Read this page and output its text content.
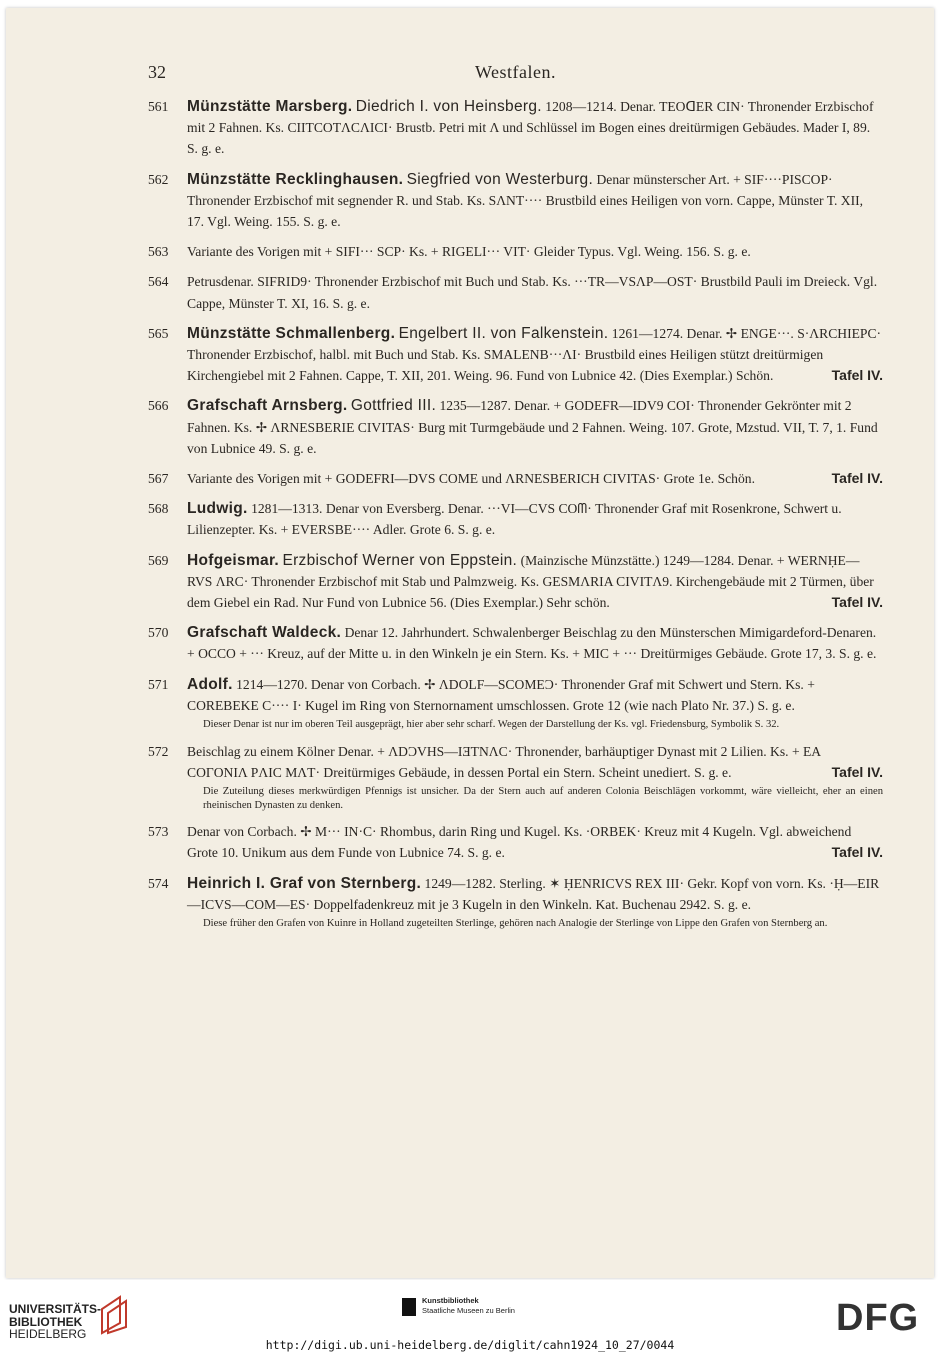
32	Westfalen.
561 Münzstätte Marsberg. Diedrich I. von Heinsberg. 1208—1214. Denar. TEOᗡER CIN· Thronender Erzbischof mit 2 Fahnen. Ks. CIITCOTΛCΛICI· Brustb. Petri mit Λ und Schlüssel im Bogen eines dreitürmigen Gebäudes. Mader I, 89. S. g. e.
562 Münzstätte Recklinghausen. Siegfried von Westerburg. Denar münsterscher Art. + SIF····PISCOP· Thronender Erzbischof mit segnender R. und Stab. Ks. SΛNT···· Brustbild eines Heiligen von vorn. Cappe, Münster T. XII, 17. Vgl. Weing. 155. S. g. e.
563 Variante des Vorigen mit + SIFI··· SCP· Ks. + RIGELI··· VIT· Gleider Typus. Vgl. Weing. 156. S. g. e.
564 Petrusdenar. SIFRID9· Thronender Erzbischof mit Buch und Stab. Ks. ···TR—VSΛP—OST· Brustbild Pauli im Dreieck. Vgl. Cappe, Münster T. XI, 16. S. g. e.
565 Münzstätte Schmallenberg. Engelbert II. von Falkenstein. 1261—1274. Denar. ✢ ENGE···. S·ΛRCHIEPC· Thronender Erzbischof, halbl. mit Buch und Stab. Ks. SMALENB···ΛI· Brustbild eines Heiligen stützt dreitürmigen Kirchengiebel mit 2 Fahnen. Cappe, T. XII, 201. Weing. 96. Fund von Lubnice 42. (Dies Exemplar.) Schön.	Tafel IV.
566 Grafschaft Arnsberg. Gottfried III. 1235—1287. Denar. + GODEFR—IDV9 COI· Thronender Gekrönter mit 2 Fahnen. Ks. ✢ ΛRNESBERIE CIVITAS· Burg mit Turmgebäude und 2 Fahnen. Weing. 107. Grote, Mzstud. VII, T. 7, 1. Fund von Lubnice 49. S. g. e.
567 Variante des Vorigen mit + GODEFRI—DVS COME und ΛRNESBERICH CIVITAS· Grote 1e. Schön.	Tafel IV.
568 Ludwig. 1281—1313. Denar von Eversberg. Denar. ···VI—CVS COᗰ· Thronender Graf mit Rosenkrone, Schwert u. Lilienzepter. Ks. + EVERSBE···· Adler. Grote 6. S. g. e.
569 Hofgeismar. Erzbischof Werner von Eppstein. (Mainzische Münzstätte.) 1249—1284. Denar. + WERNḤE—RVS ΛRC· Thronender Erzbischof mit Stab und Palmzweig. Ks. GESMΛRIA CIVITΛ9. Kirchengebäude mit 2 Türmen, über dem Giebel ein Rad. Nur Fund von Lubnice 56. (Dies Exemplar.) Sehr schön.	Tafel IV.
570 Grafschaft Waldeck. Denar 12. Jahrhundert. Schwalenberger Beischlag zu den Münsterschen Mimigardeford-Denaren. + OCCO + ··· Kreuz, auf der Mitte u. in den Winkeln je ein Stern. Ks. + MIC + ··· Dreitürmiges Gebäude. Grote 17, 3. S. g. e.
571 Adolf. 1214—1270. Denar von Corbach. ✢ ΛDOLF—SCOMEƆ· Thronender Graf mit Schwert und Stern. Ks. + COREBEKE C···· I· Kugel im Ring von Sternornament umschlossen. Grote 12 (wie nach Plato Nr. 37.) S. g. e.
Dieser Denar ist nur im oberen Teil ausgeprägt, hier aber sehr scharf. Wegen der Darstellung der Ks. vgl. Friedensburg, Symbolik S. 32.
572 Beischlag zu einem Kölner Denar. + ΛDƆVHS—IƎTNΛC· Thronender, barhäuptiger Dynast mit 2 Lilien. Ks. + EA COΓONIΛ PΛIC MΛT· Dreitürmiges Gebäude, in dessen Portal ein Stern. Scheint unediert. S. g. e.	Tafel IV.
Die Zuteilung dieses merkwürdigen Pfennigs ist unsicher. Da der Stern auch auf anderen Colonia Beischlägen vorkommt, wäre vielleicht, eher an einen rheinischen Dynasten zu denken.
573 Denar von Corbach. ✢ M··· IN·C· Rhombus, darin Ring und Kugel. Ks. ·ORBEK· Kreuz mit 4 Kugeln. Vgl. abweichend Grote 10. Unikum aus dem Funde von Lubnice 74. S. g. e.	Tafel IV.
574 Heinrich I. Graf von Sternberg. 1249—1282. Sterling. ✶ ḤENRICVS REX III· Gekr. Kopf von vorn. Ks. ·Ḥ—EIR—ICVS—COM—ES· Doppelfadenkreuz mit je 3 Kugeln in den Winkeln. Kat. Buchenau 2942. S. g. e.
Diese früher den Grafen von Kuinre in Holland zugeteilten Sterlinge, gehören nach Analogie der Sterlinge von Lippe den Grafen von Sternberg an.
UNIVERSITÄTS-
BIBLIOTHEK
HEIDELBERG
Kunstbibliothek
Staatliche Museen zu Berlin	DFG
http://digi.ub.uni-heidelberg.de/diglit/cahn1924_10_27/0044
